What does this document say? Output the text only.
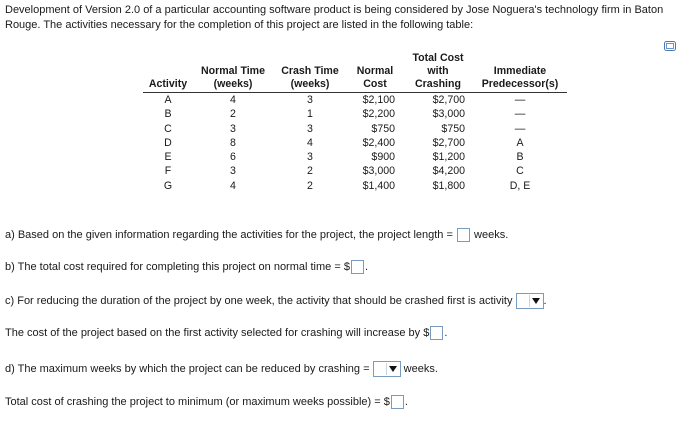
Development of Version 2.0 of a particular accounting software product is being considered by Jose Noguera's technology firm in Baton Rouge. The activities necessary for the completion of this project are listed in the following table:
				Total Cost	
	Normal Time	Crash Time	Normal	with	Immediate
Activity	(weeks)	(weeks)	Cost	Crashing	Predecessor(s)
A	4	3	$2,100	$2,700	—
B	2	1	$2,200	$3,000	—
C	3	3	$750	$750	—
D	8	4	$2,400	$2,700	A
E	6	3	$900	$1,200	B
F	3	2	$3,000	$4,200	C
G	4	2	$1,400	$1,800	D, E
a) Based on the given information regarding the activities for the project, the project length = weeks.
b) The total cost required for completing this project on normal time = $ .
c) For reducing the duration of the project by one week, the activity that should be crashed first is activity
.
The cost of the project based on the first activity selected for crashing will increase by $ .
d) The maximum weeks by which the project can be reduced by crashing =	weeks.
Total cost of crashing the project to minimum (or maximum weeks possible) = $ .
